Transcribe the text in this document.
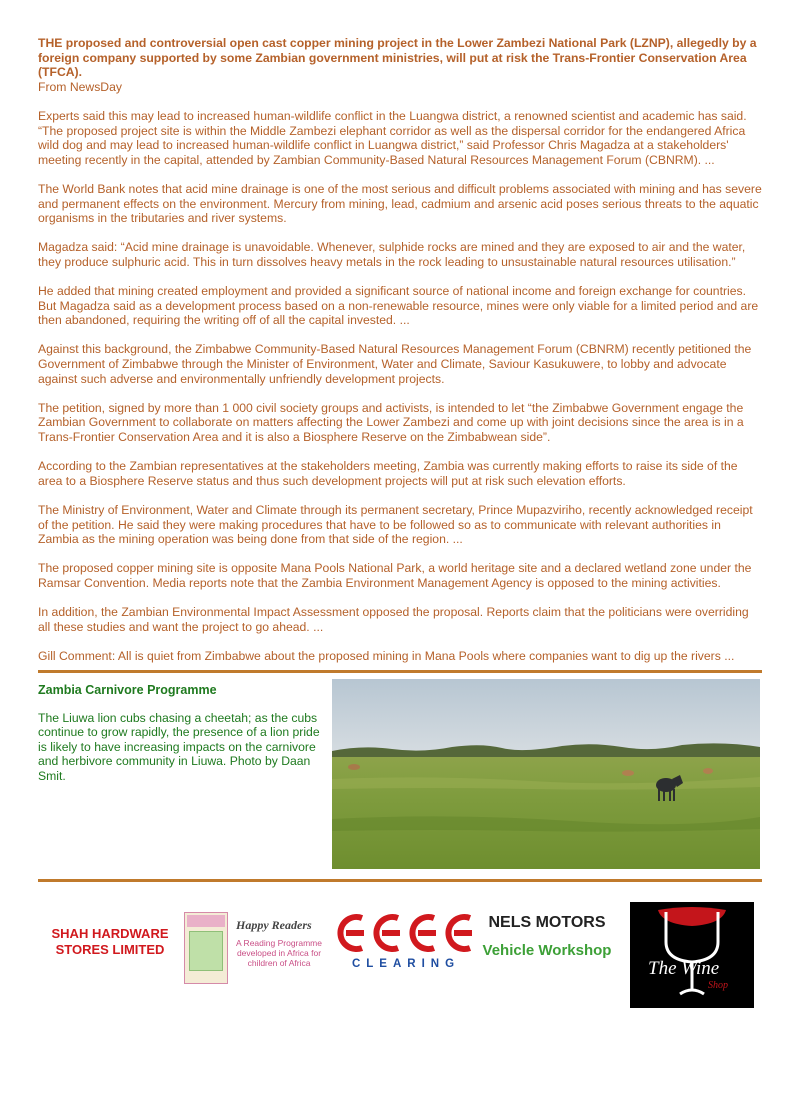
THE proposed and controversial open cast copper mining project in the Lower Zambezi National Park (LZNP), allegedly by a foreign company supported by some Zambian government ministries, will put at risk the Trans-Frontier Conservation Area (TFCA).

From NewsDay

Experts said this may lead to increased human-wildlife conflict in the Luangwa district, a renowned scientist and academic has said.
“The proposed project site is within the Middle Zambezi elephant corridor as well as the dispersal corridor for the endangered Africa wild dog and may lead to increased human-wildlife conflict in Luangwa district,” said Professor Chris Magadza at a stakeholders' meeting recently in the capital, attended by Zambian Community-Based Natural Resources Management Forum (CBNRM). ...

The World Bank notes that acid mine drainage is one of the most serious and difficult problems associated with mining and has severe and permanent effects on the environment. Mercury from mining, lead, cadmium and arsenic acid poses serious threats to the aquatic organisms in the tributaries and river systems.

Magadza said: “Acid mine drainage is unavoidable. Whenever, sulphide rocks are mined and they are exposed to air and the water, they produce sulphuric acid. This in turn dissolves heavy metals in the rock leading to unsustainable natural resources utilisation.”

He added that mining created employment and provided a significant source of national income and foreign exchange for countries. But Magadza said as a development process based on a non-renewable resource, mines were only viable for a limited period and are then abandoned, requiring the writing off of all the capital invested. ...

Against this background, the Zimbabwe Community-Based Natural Resources Management Forum (CBNRM) recently petitioned the Government of Zimbabwe through the Minister of Environment, Water and Climate, Saviour Kasukuwere, to lobby and advocate against such adverse and environmentally unfriendly development projects.

The petition, signed by more than 1 000 civil society groups and activists, is intended to let “the Zimbabwe Government engage the Zambian Government to collaborate on matters affecting the Lower Zambezi and come up with joint decisions since the area is in a Trans-Frontier Conservation Area and it is also a Biosphere Reserve on the Zimbabwean side”.

According to the Zambian representatives at the stakeholders meeting, Zambia was currently making efforts to raise its side of the area to a Biosphere Reserve status and thus such development projects will put at risk such elevation efforts.

The Ministry of Environment, Water and Climate through its permanent secretary, Prince Mupazviriho, recently acknowledged receipt of the petition. He said they were making procedures that have to be followed so as to communicate with relevant authorities in Zambia as the mining operation was being done from that side of the region. ...

The proposed copper mining site is opposite Mana Pools National Park, a world heritage site and a declared wetland zone under the Ramsar Convention. Media reports note that the Zambia Environment Management Agency is opposed to the mining activities.

In addition, the Zambian Environmental Impact Assessment opposed the proposal. Reports claim that the politicians were overriding all these studies and want the project to go ahead. ...

Gill Comment: All is quiet from Zimbabwe about the proposed mining in Mana Pools where companies want to dig up the rivers ...

Zambia Carnivore Programme
The Liuwa lion cubs chasing a cheetah; as the cubs continue to grow rapidly, the presence of a lion pride is likely to have increasing impacts on the carnivore and herbivore community in Liuwa. Photo by Daan Smit.
SHAH HARDWARE STORES LIMITED
Happy Readers
A Reading Programme developed in Africa for children of Africa	CLEARING
NELS MOTORS
Vehicle Workshop
The Wine
Shop
